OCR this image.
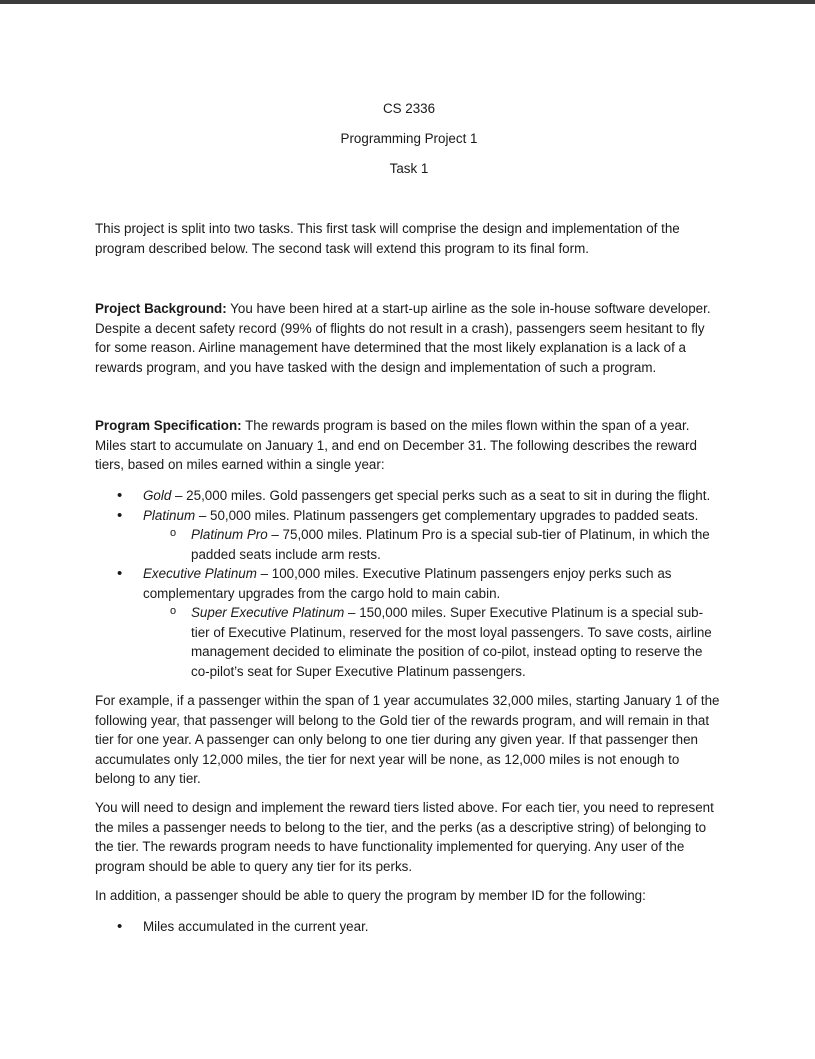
CS 2336
Programming Project 1
Task 1
This project is split into two tasks. This first task will comprise the design and implementation of the program described below. The second task will extend this program to its final form.
Project Background: You have been hired at a start-up airline as the sole in-house software developer. Despite a decent safety record (99% of flights do not result in a crash), passengers seem hesitant to fly for some reason. Airline management have determined that the most likely explanation is a lack of a rewards program, and you have tasked with the design and implementation of such a program.
Program Specification: The rewards program is based on the miles flown within the span of a year. Miles start to accumulate on January 1, and end on December 31. The following describes the reward tiers, based on miles earned within a single year:
• Gold – 25,000 miles. Gold passengers get special perks such as a seat to sit in during the flight.
• Platinum – 50,000 miles. Platinum passengers get complementary upgrades to padded seats.
o Platinum Pro – 75,000 miles. Platinum Pro is a special sub-tier of Platinum, in which the padded seats include arm rests.
• Executive Platinum – 100,000 miles. Executive Platinum passengers enjoy perks such as complementary upgrades from the cargo hold to main cabin.
o Super Executive Platinum – 150,000 miles. Super Executive Platinum is a special sub-tier of Executive Platinum, reserved for the most loyal passengers. To save costs, airline management decided to eliminate the position of co-pilot, instead opting to reserve the co-pilot’s seat for Super Executive Platinum passengers.
For example, if a passenger within the span of 1 year accumulates 32,000 miles, starting January 1 of the following year, that passenger will belong to the Gold tier of the rewards program, and will remain in that tier for one year. A passenger can only belong to one tier during any given year. If that passenger then accumulates only 12,000 miles, the tier for next year will be none, as 12,000 miles is not enough to belong to any tier.
You will need to design and implement the reward tiers listed above. For each tier, you need to represent the miles a passenger needs to belong to the tier, and the perks (as a descriptive string) of belonging to the tier. The rewards program needs to have functionality implemented for querying. Any user of the program should be able to query any tier for its perks.
In addition, a passenger should be able to query the program by member ID for the following:
• Miles accumulated in the current year.
